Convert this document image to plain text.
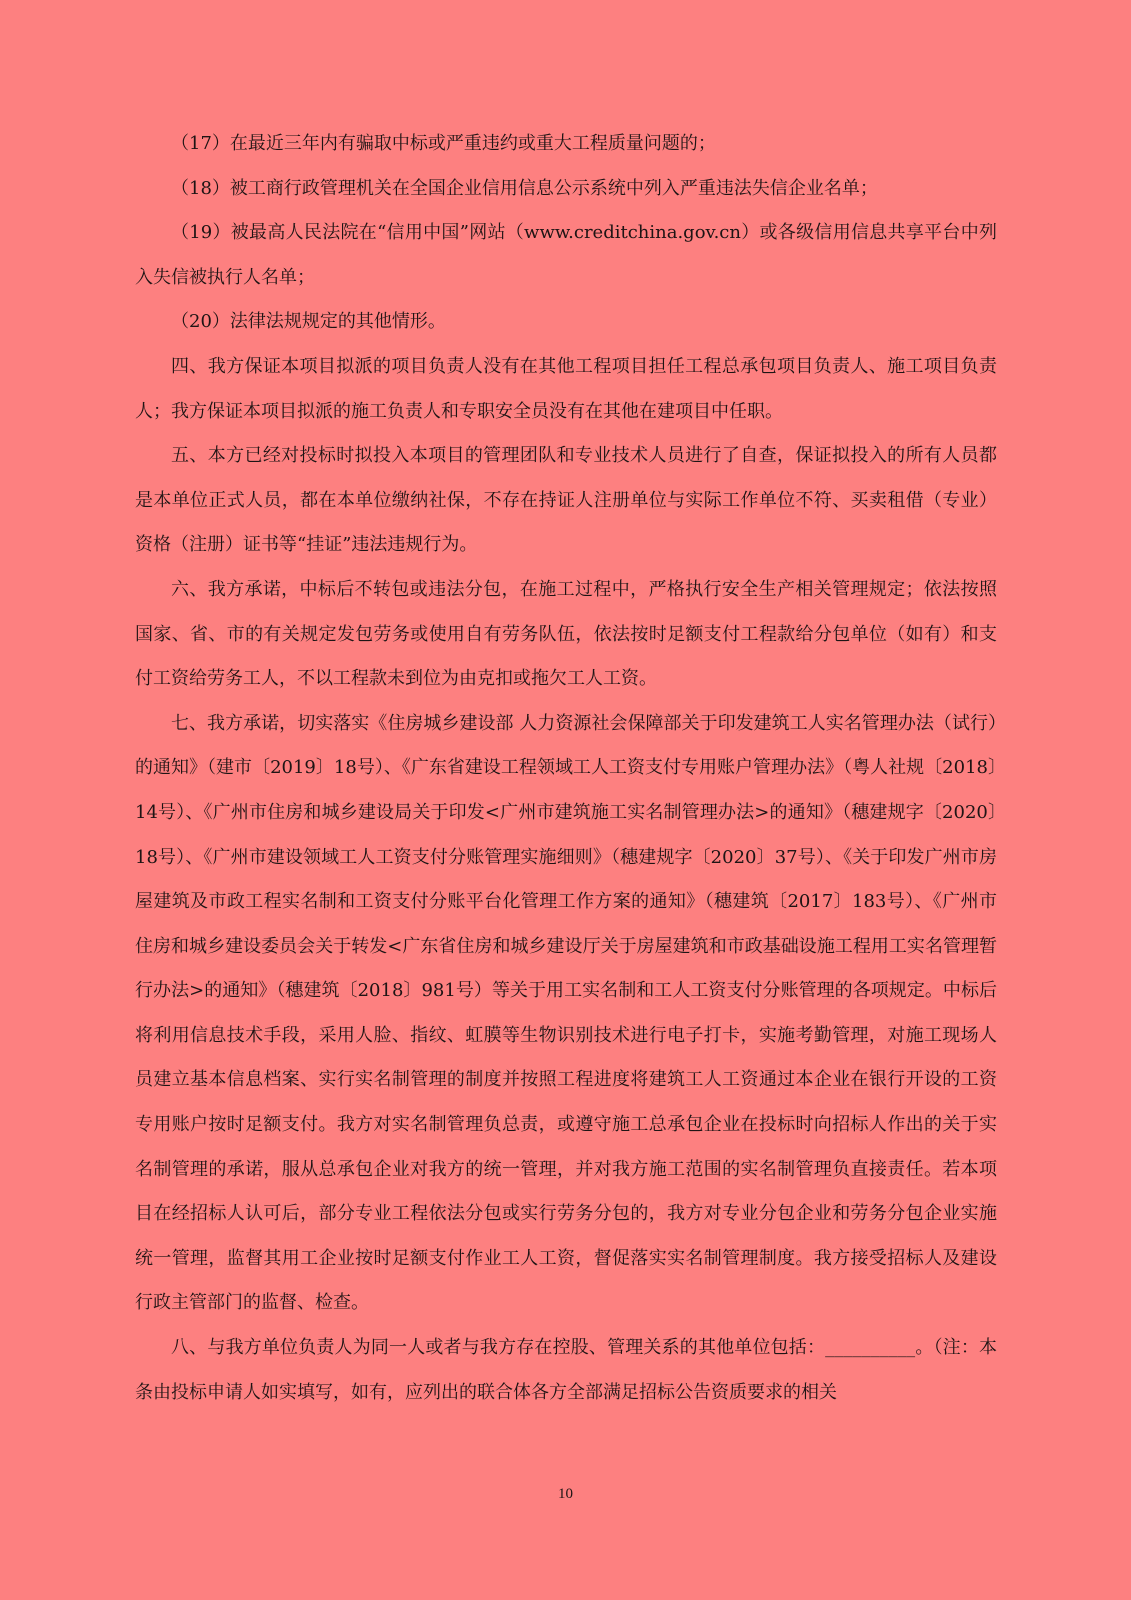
（17）在最近三年内有骗取中标或严重违约或重大工程质量问题的；

（18）被工商行政管理机关在全国企业信用信息公示系统中列入严重违法失信企业名单；

（19）被最高人民法院在“信用中国”网站（www.creditchina.gov.cn）或各级信用信息共享平台中列入失信被执行人名单；

（20）法律法规规定的其他情形。

四、我方保证本项目拟派的项目负责人没有在其他工程项目担任工程总承包项目负责人、施工项目负责人；我方保证本项目拟派的施工负责人和专职安全员没有在其他在建项目中任职。

五、本方已经对投标时拟投入本项目的管理团队和专业技术人员进行了自查，保证拟投入的所有人员都是本单位正式人员，都在本单位缴纳社保，不存在持证人注册单位与实际工作单位不符、买卖租借（专业）资格（注册）证书等“挂证”违法违规行为。

六、我方承诺，中标后不转包或违法分包，在施工过程中，严格执行安全生产相关管理规定；依法按照国家、省、市的有关规定发包劳务或使用自有劳务队伍，依法按时足额支付工程款给分包单位（如有）和支付工资给劳务工人，不以工程款未到位为由克扣或拖欠工人工资。

七、我方承诺，切实落实《住房城乡建设部 人力资源社会保障部关于印发建筑工人实名管理办法（试行）的通知》（建市〔2019〕18号）、《广东省建设工程领域工人工资支付专用账户管理办法》（粤人社规〔2018〕14号）、《广州市住房和城乡建设局关于印发<广州市建筑施工实名制管理办法>的通知》（穗建规字〔2020〕18号）、《广州市建设领域工人工资支付分账管理实施细则》（穗建规字〔2020〕37号）、《关于印发广州市房屋建筑及市政工程实名制和工资支付分账平台化管理工作方案的通知》（穗建筑〔2017〕183号）、《广州市住房和城乡建设委员会关于转发<广东省住房和城乡建设厅关于房屋建筑和市政基础设施工程用工实名管理暂行办法>的通知》（穗建筑〔2018〕981号）等关于用工实名制和工人工资支付分账管理的各项规定。中标后将利用信息技术手段，采用人脸、指纹、虹膜等生物识别技术进行电子打卡，实施考勤管理，对施工现场人员建立基本信息档案、实行实名制管理的制度并按照工程进度将建筑工人工资通过本企业在银行开设的工资专用账户按时足额支付。我方对实名制管理负总责，或遵守施工总承包企业在投标时向招标人作出的关于实名制管理的承诺，服从总承包企业对我方的统一管理，并对我方施工范围的实名制管理负直接责任。若本项目在经招标人认可后，部分专业工程依法分包或实行劳务分包的，我方对专业分包企业和劳务分包企业实施统一管理，监督其用工企业按时足额支付作业工人工资，督促落实实名制管理制度。我方接受招标人及建设行政主管部门的监督、检查。

八、与我方单位负责人为同一人或者与我方存在控股、管理关系的其他单位包括：__________。（注：本条由投标申请人如实填写，如有，应列出的联合体各方全部满足招标公告资质要求的相关

10
